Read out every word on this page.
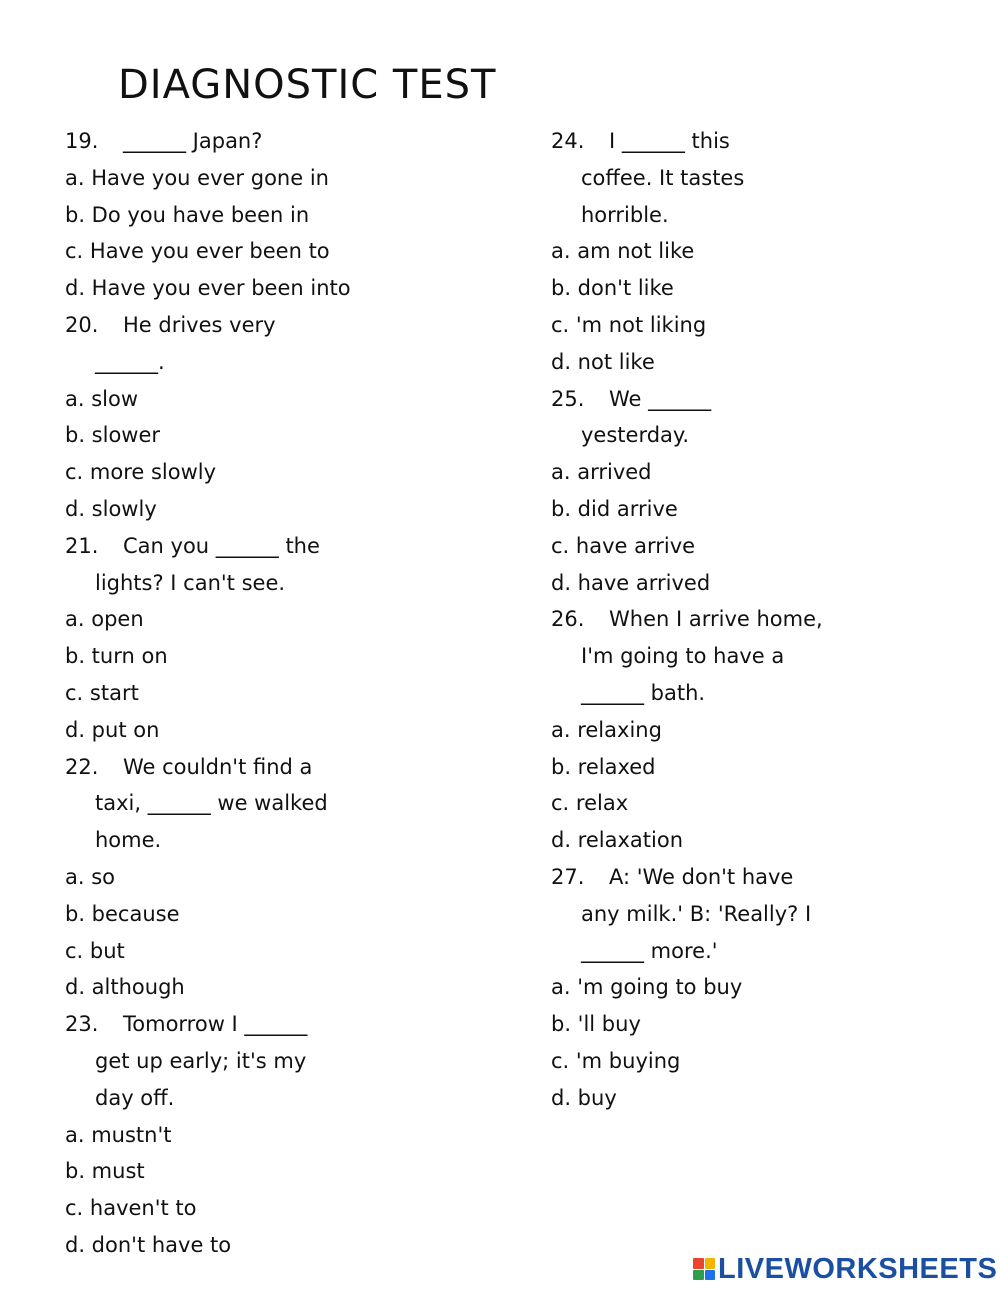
DIAGNOSTIC TEST
19. ______ Japan?
a. Have you ever gone in
b. Do you have been in
c. Have you ever been to
d. Have you ever been into
20. He drives very
______.
a. slow
b. slower
c. more slowly
d. slowly
21. Can you ______ the
lights? I can't see.
a. open
b. turn on
c. start
d. put on
22. We couldn't find a
taxi, ______ we walked
home.
a. so
b. because
c. but
d. although
23. Tomorrow I ______
get up early; it's my
day off.
a. mustn't
b. must
c. haven't to
d. don't have to
24. I ______ this
coffee. It tastes
horrible.
a. am not like
b. don't like
c. 'm not liking
d. not like
25. We ______
yesterday.
a. arrived
b. did arrive
c. have arrive
d. have arrived
26. When I arrive home,
I'm going to have a
______ bath.
a. relaxing
b. relaxed
c. relax
d. relaxation
27. A: 'We don't have
any milk.' B: 'Really? I
______ more.'
a. 'm going to buy
b. 'll buy
c. 'm buying
d. buy
LIVEWORKSHEETS
